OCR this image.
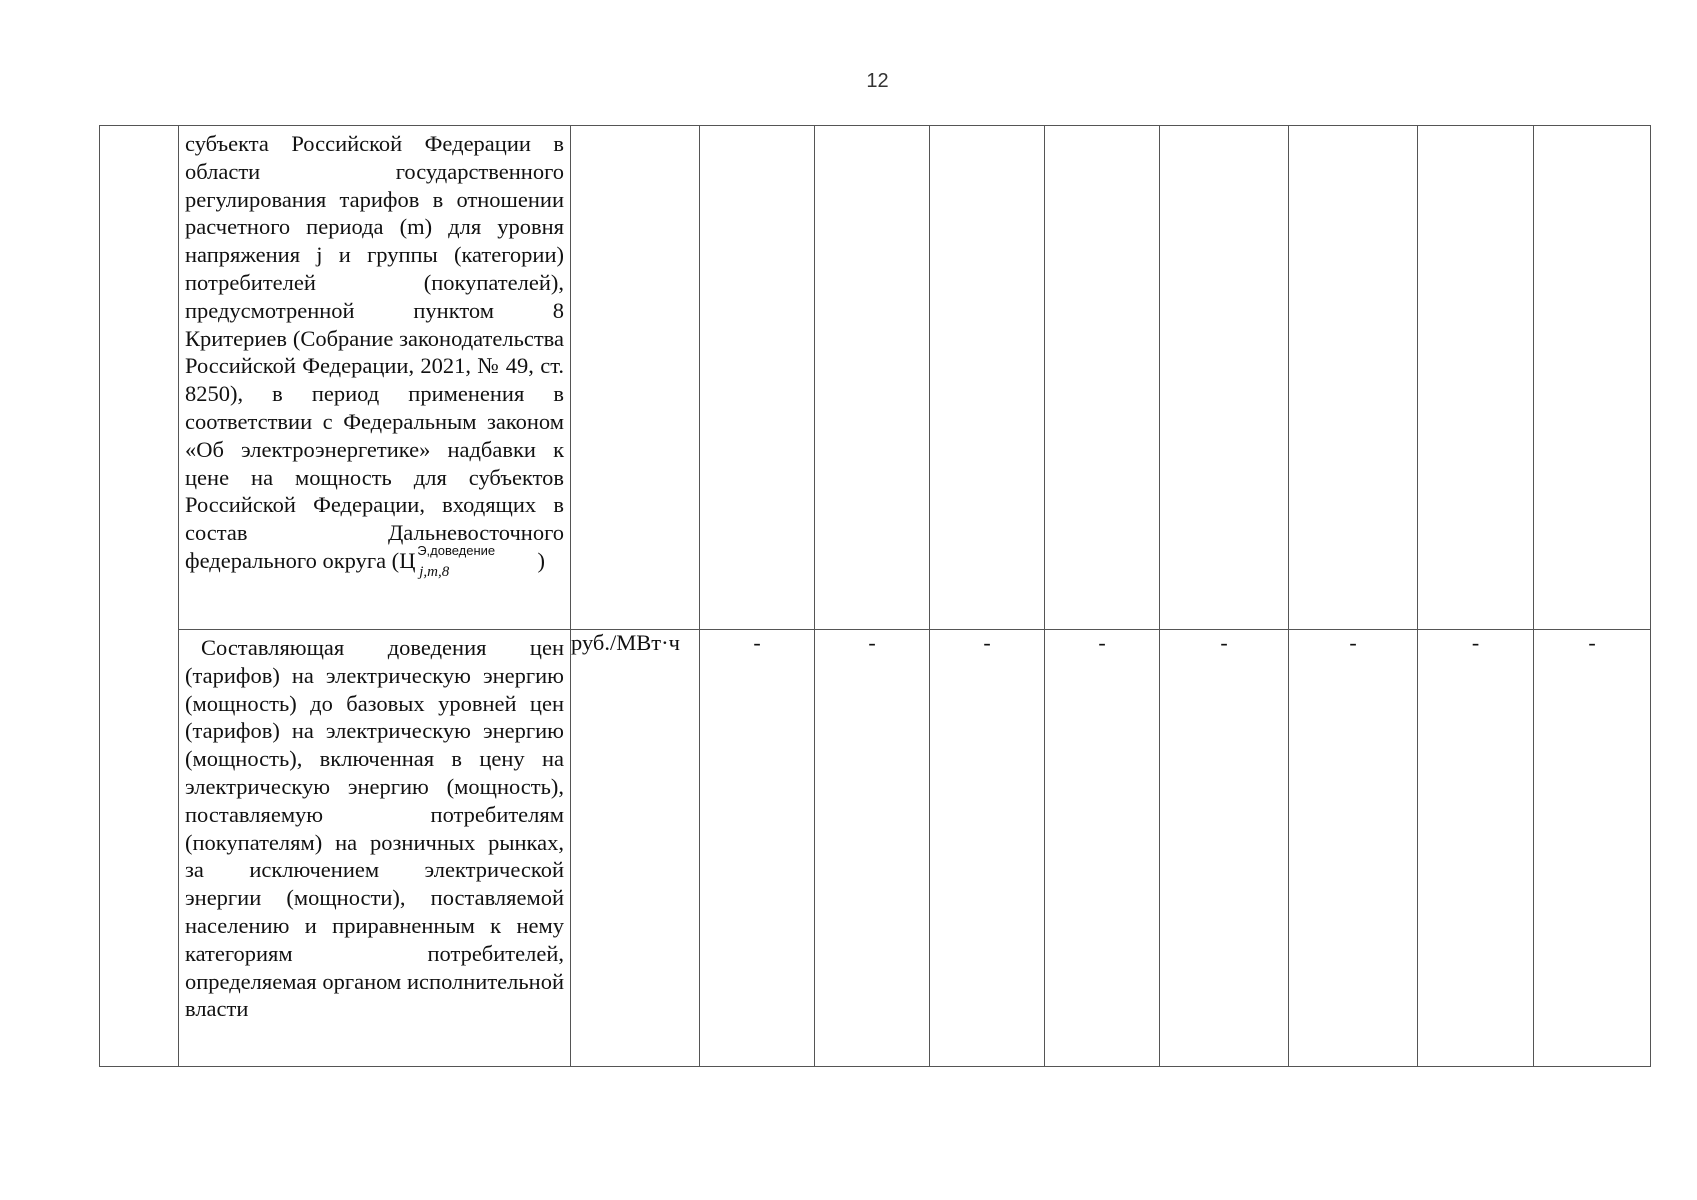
12

	субъекта Российской Федерации в области государственного регулирования тарифов в отношении расчетного периода (m) для уровня напряжения j и группы (категории) потребителей (покупателей), предусмотренной пунктом 8 Критериев (Собрание законодательства Российской Федерации, 2021, № 49, ст. 8250), в период применения в соответствии с Федеральным законом «Об электроэнергетике» надбавки к цене на мощность для субъектов Российской Федерации, входящих в состав Дальневосточного федерального округа (Ц Э,доведение
j,m,8 )									

	Составляющая доведения цен (тарифов) на электрическую энергию (мощность) до базовых уровней цен (тарифов) на электрическую энергию (мощность), включенная в цену на электрическую энергию (мощность), поставляемую потребителям (покупателям) на розничных рынках, за исключением электрической энергии (мощности), поставляемой населению и приравненным к нему категориям потребителей, определяемая органом исполнительной власти	руб./МВт·ч	-	-	-	-	-	-	-	-
